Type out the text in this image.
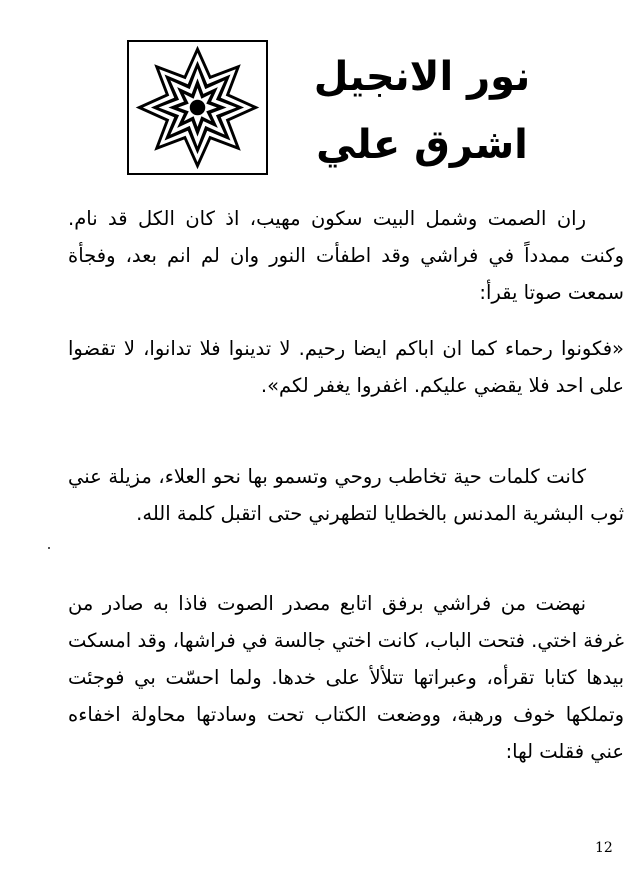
نور الانجيل
اشرق علي

ران الصمت وشمل البيت سكون مهيب، اذ كان الكل قد نام. وكنت ممدداً في فراشي وقد اطفأت النور وان لم انم بعد، وفجأة سمعت صوتا يقرأ:

«فكونوا رحماء كما ان اباكم ايضا رحيم. لا تدينوا فلا تدانوا، لا تقضوا على احد فلا يقضي عليكم. اغفروا يغفر لكم».

كانت كلمات حية تخاطب روحي وتسمو بها نحو العلاء، مزيلة عني ثوب البشرية المدنس بالخطايا لتطهرني حتى اتقبل كلمة الله.

نهضت من فراشي برفق اتابع مصدر الصوت فاذا به صادر من غرفة اختي. فتحت الباب، كانت اختي جالسة في فراشها، وقد امسكت بيدها كتابا تقرأه، وعبراتها تتلألأ على خدها. ولما احسّت بي فوجئت وتملكها خوف ورهبة، ووضعت الكتاب تحت وسادتها محاولة اخفاءه عني فقلت لها:

12
